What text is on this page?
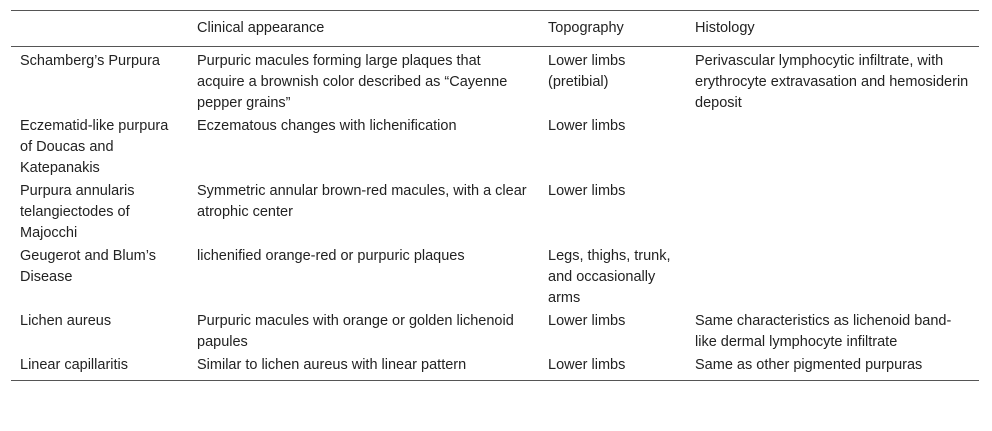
	Clinical appearance	Topography	Histology
Schamberg’s Purpura	Purpuric macules forming large plaques that acquire a brownish color described as “Cayenne pepper grains”	Lower limbs (pretibial)	Perivascular lymphocytic infiltrate, with erythrocyte extravasation and hemosiderin deposit
Eczematid-like purpura of Doucas and Katepanakis	Eczematous changes with lichenification	Lower limbs	
Purpura annularis telangiectodes of Majocchi	Symmetric annular brown-red macules, with a clear atrophic center	Lower limbs	
Geugerot and Blum’s Disease	lichenified orange-red or purpuric plaques	Legs, thighs, trunk, and occasionally arms	
Lichen aureus	Purpuric macules with orange or golden lichenoid papules	Lower limbs	Same characteristics as lichenoid band-like dermal lymphocyte infiltrate
Linear capillaritis	Similar to lichen aureus with linear pattern	Lower limbs	Same as other pigmented purpuras
